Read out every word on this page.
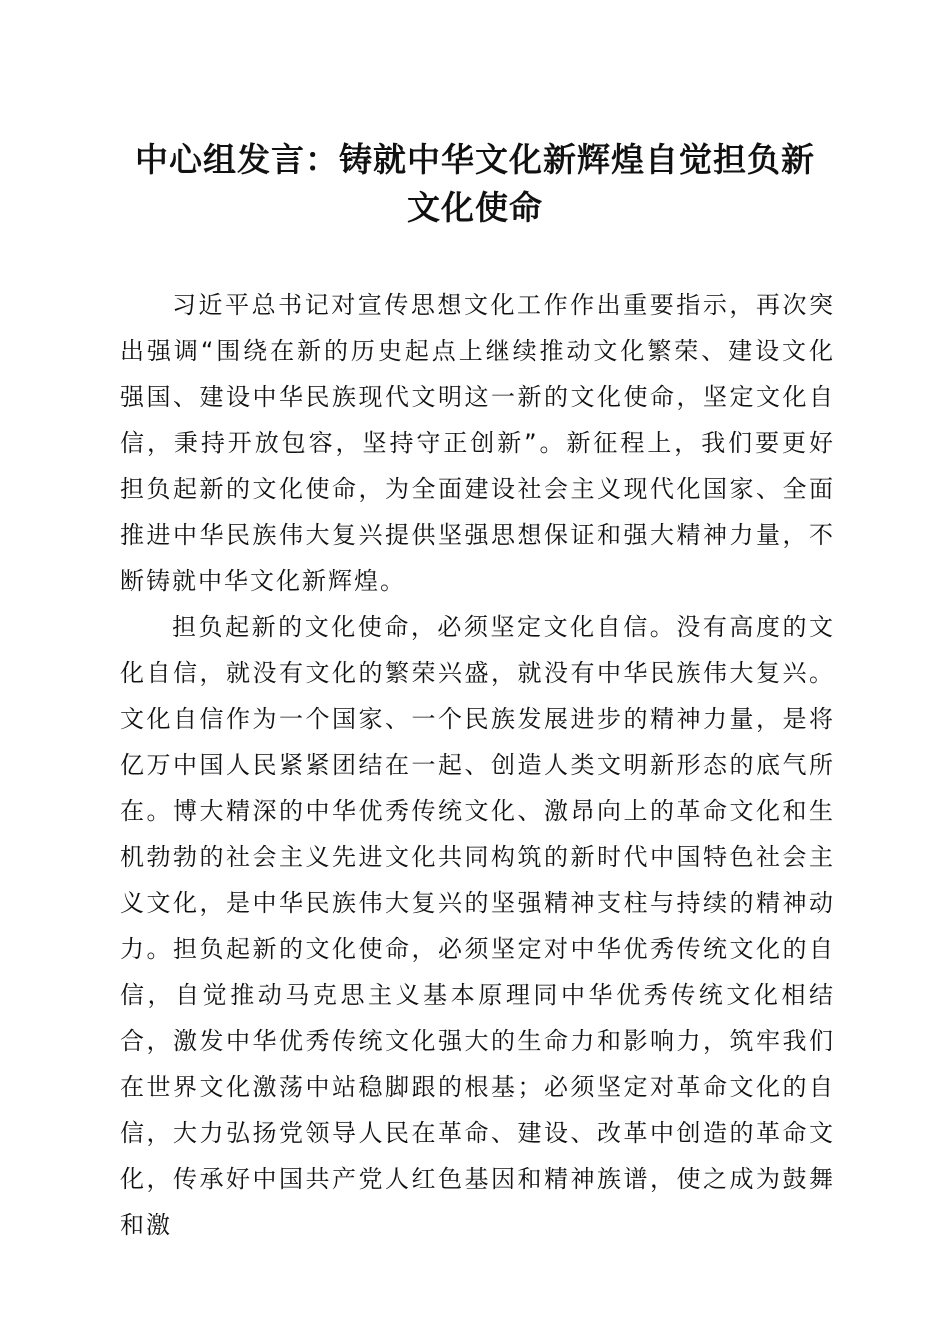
中心组发言：铸就中华文化新辉煌自觉担负新
文化使命

习近平总书记对宣传思想文化工作作出重要指示，再次突出强调“围绕在新的历史起点上继续推动文化繁荣、建设文化强国、建设中华民族现代文明这一新的文化使命，坚定文化自信，秉持开放包容，坚持守正创新”。新征程上，我们要更好担负起新的文化使命，为全面建设社会主义现代化国家、全面推进中华民族伟大复兴提供坚强思想保证和强大精神力量，不断铸就中华文化新辉煌。

担负起新的文化使命，必须坚定文化自信。没有高度的文化自信，就没有文化的繁荣兴盛，就没有中华民族伟大复兴。文化自信作为一个国家、一个民族发展进步的精神力量，是将亿万中国人民紧紧团结在一起、创造人类文明新形态的底气所在。博大精深的中华优秀传统文化、激昂向上的革命文化和生机勃勃的社会主义先进文化共同构筑的新时代中国特色社会主义文化，是中华民族伟大复兴的坚强精神支柱与持续的精神动力。担负起新的文化使命，必须坚定对中华优秀传统文化的自信，自觉推动马克思主义基本原理同中华优秀传统文化相结合，激发中华优秀传统文化强大的生命力和影响力，筑牢我们在世界文化激荡中站稳脚跟的根基；必须坚定对革命文化的自信，大力弘扬党领导人民在革命、建设、改革中创造的革命文化，传承好中国共产党人红色基因和精神族谱，使之成为鼓舞和激
